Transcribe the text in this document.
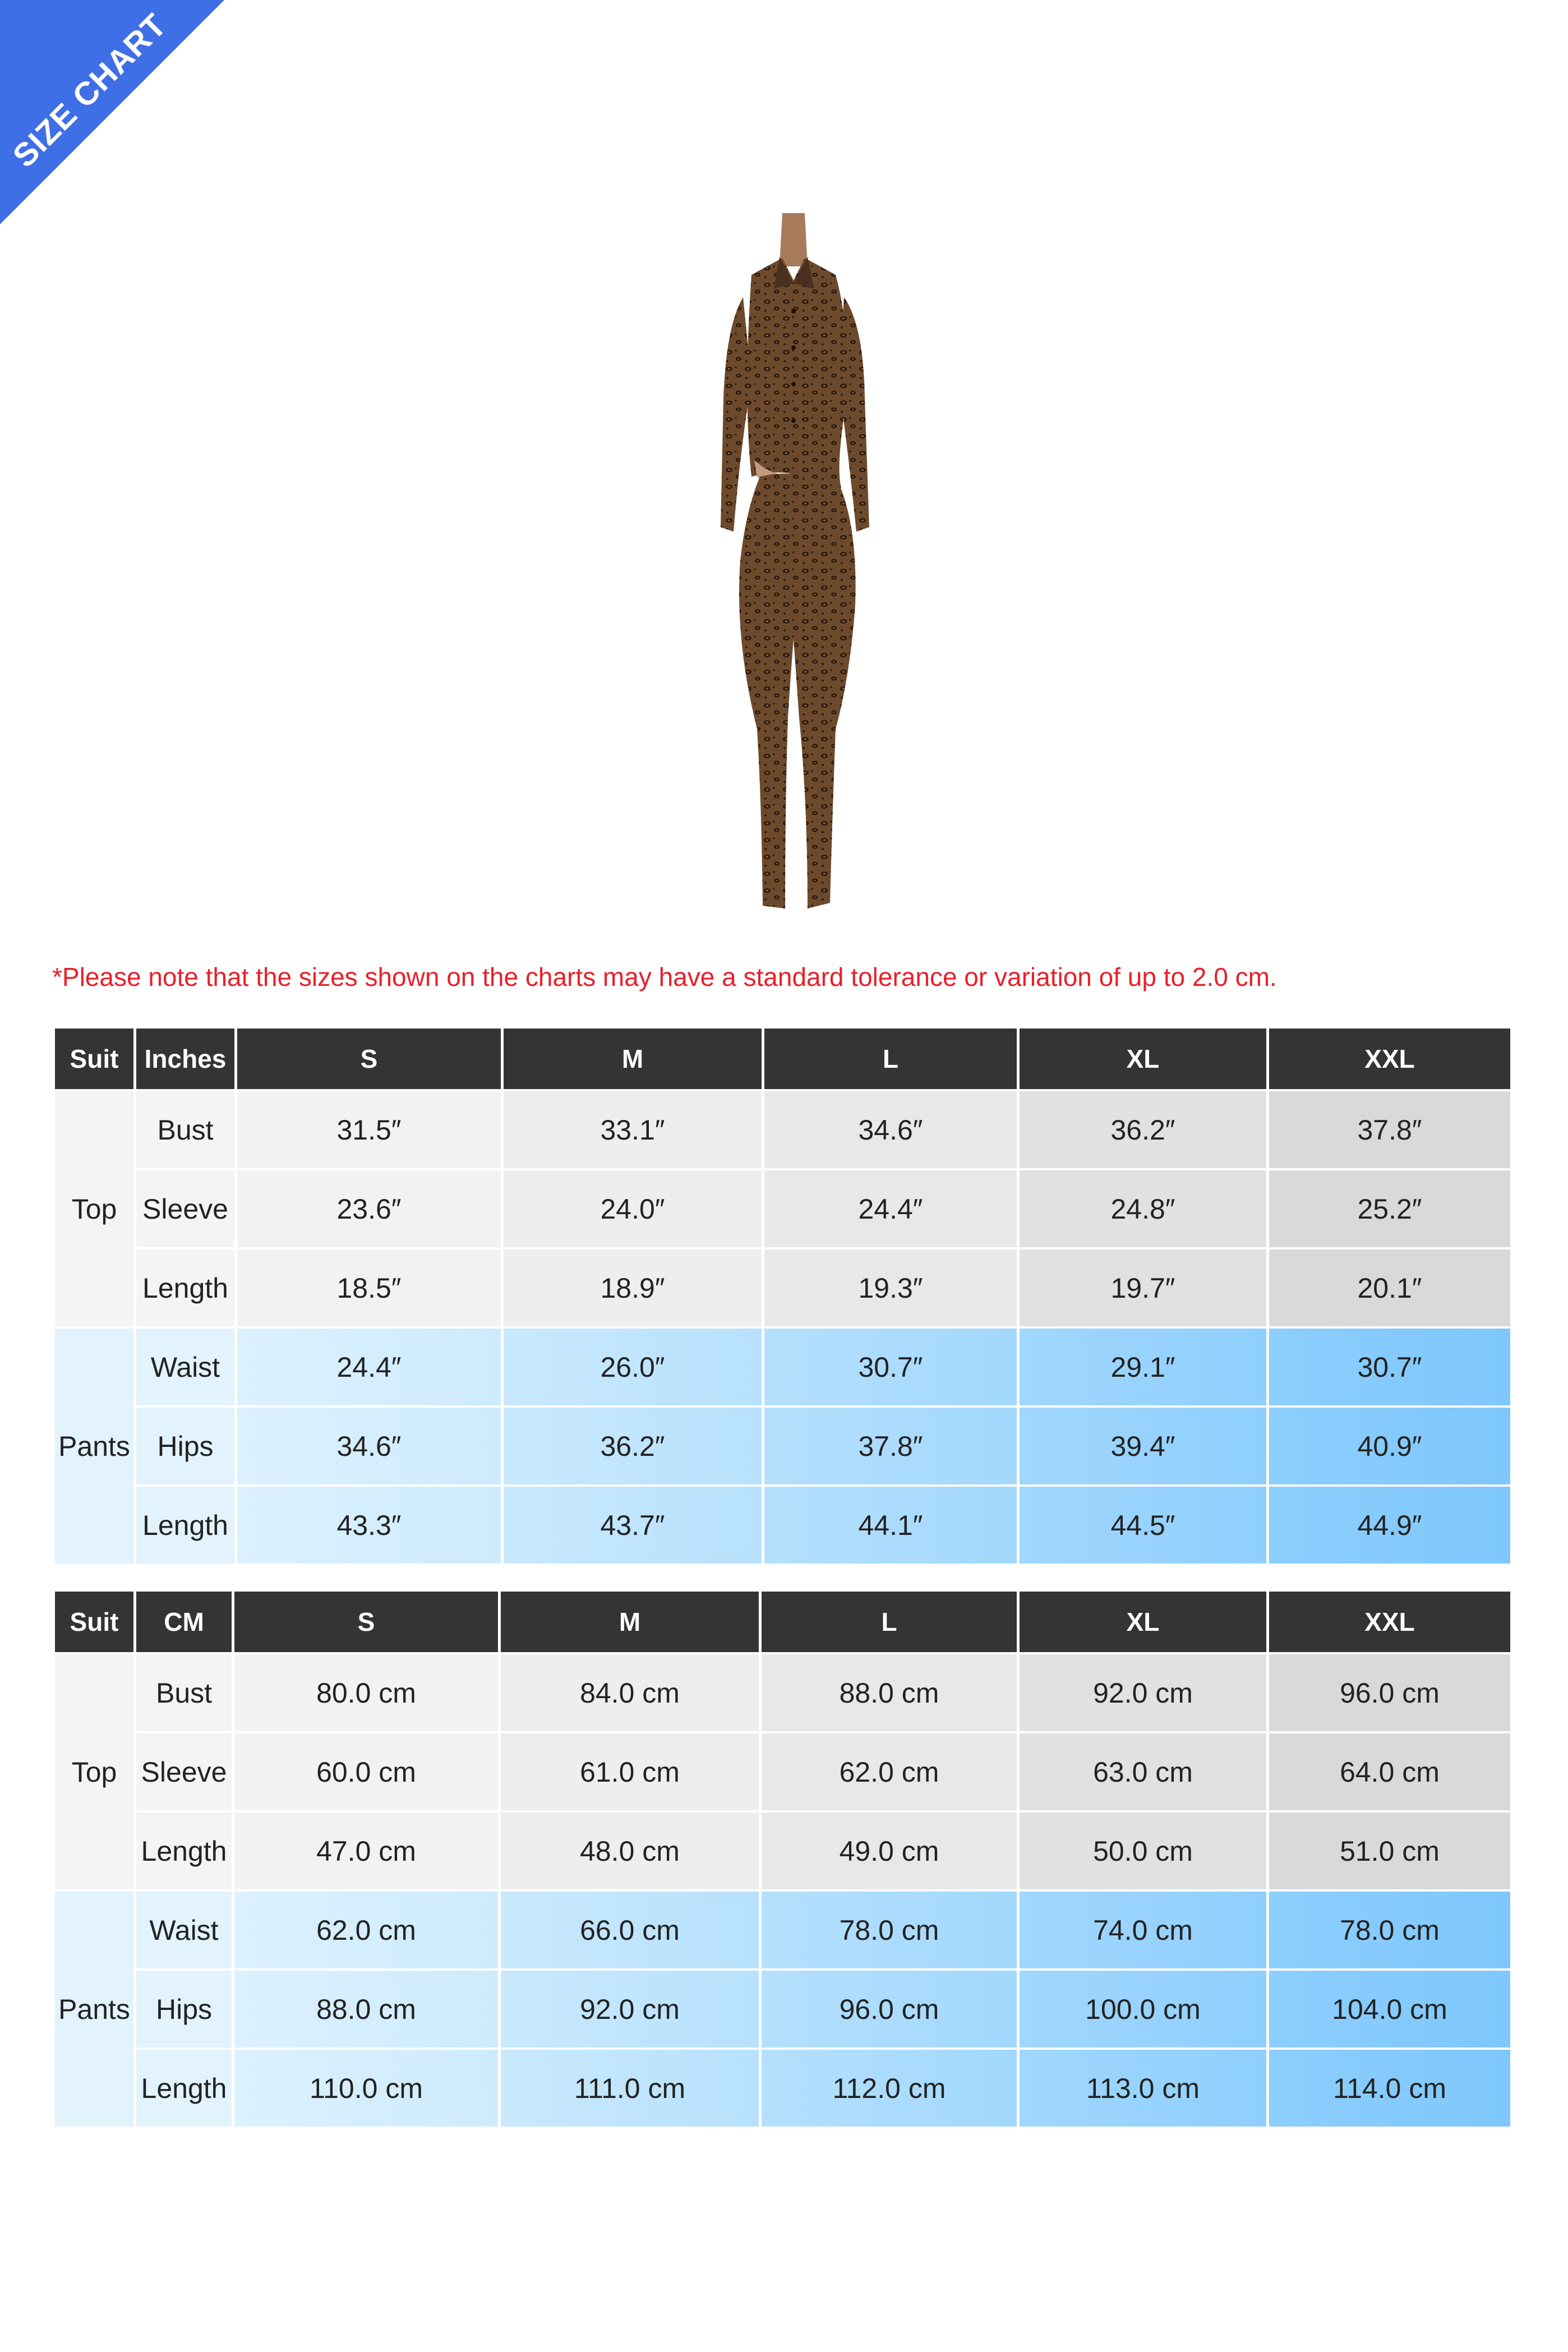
SIZE CHART
*Please note that the sizes shown on the charts may have a standard tolerance or variation of up to 2.0 cm.
Suit	Inches	S	M	L	XL	XXL
Top	Bust	31.5″	33.1″	34.6″	36.2″	37.8″
	Sleeve	23.6″	24.0″	24.4″	24.8″	25.2″
	Length	18.5″	18.9″	19.3″	19.7″	20.1″
Pants	Waist	24.4″	26.0″	30.7″	29.1″	30.7″
	Hips	34.6″	36.2″	37.8″	39.4″	40.9″
	Length	43.3″	43.7″	44.1″	44.5″	44.9″
Suit	CM	S	M	L	XL	XXL
Top	Bust	80.0 cm	84.0 cm	88.0 cm	92.0 cm	96.0 cm
	Sleeve	60.0 cm	61.0 cm	62.0 cm	63.0 cm	64.0 cm
	Length	47.0 cm	48.0 cm	49.0 cm	50.0 cm	51.0 cm
Pants	Waist	62.0 cm	66.0 cm	78.0 cm	74.0 cm	78.0 cm
	Hips	88.0 cm	92.0 cm	96.0 cm	100.0 cm	104.0 cm
	Length	110.0 cm	111.0 cm	112.0 cm	113.0 cm	114.0 cm
